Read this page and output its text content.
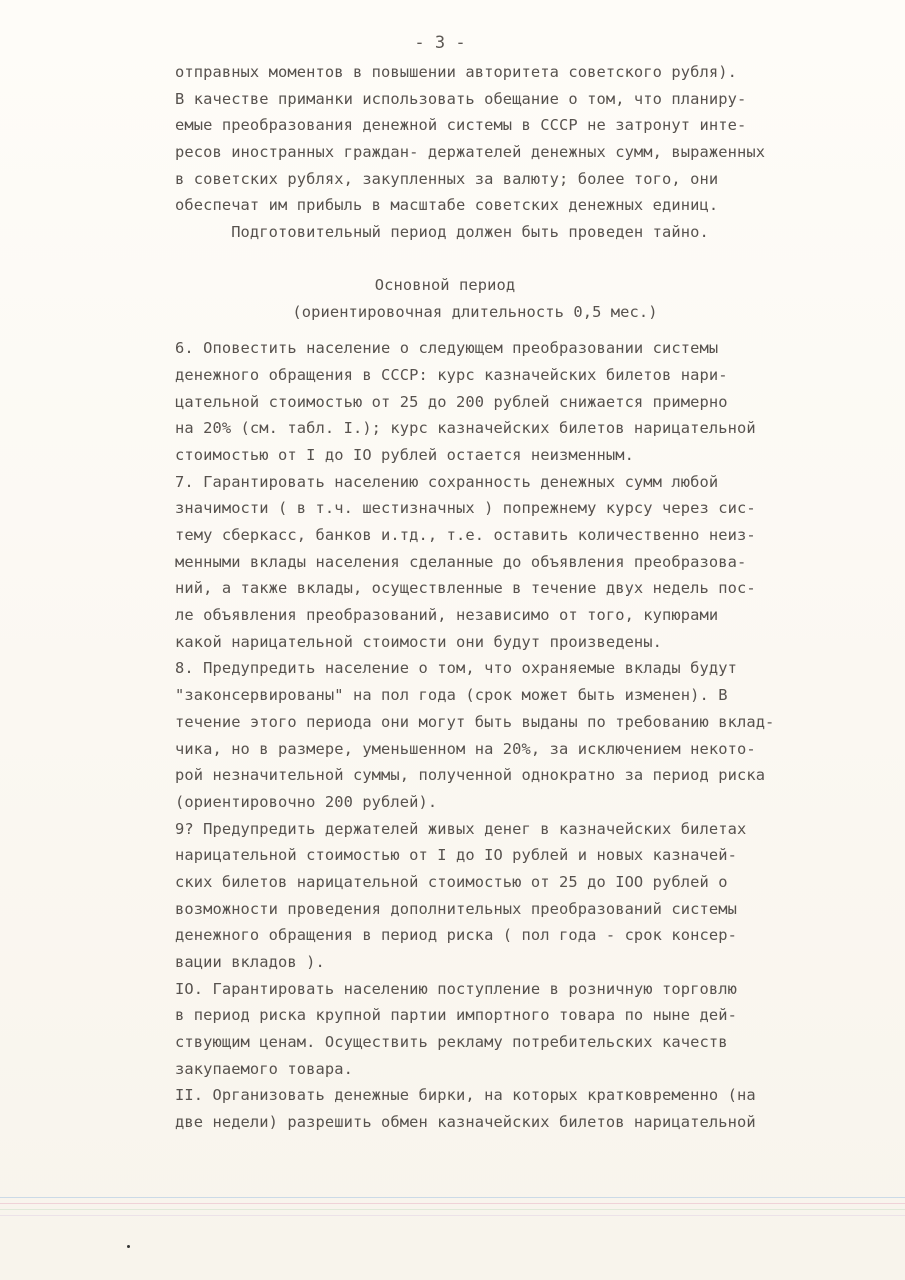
- 3 -
отправных моментов в повышении авторитета советского рубля).
В качестве приманки использовать обещание о том, что планиру-
емые преобразования денежной системы в СССР не затронут инте-
ресов иностранных граждан- держателей денежных сумм, выраженных
в советских рублях, закупленных за валюту; более того, они
обеспечат им прибыль в масштабе советских денежных единиц.
Подготовительный период должен быть проведен тайно.
Основной период
(ориентировочная длительность 0,5 мес.)
6. Оповестить население о следующем преобразовании системы
денежного обращения в СССР: курс казначейских билетов нари-
цательной стоимостью от 25 до 200 рублей снижается примерно
на 20% (см. табл. I.); курс казначейских билетов нарицательной
стоимостью от I до IO рублей остается неизменным.
7. Гарантировать населению сохранность денежных сумм любой
значимости ( в т.ч. шестизначных ) попрежнему курсу через сис-
тему сберкасс, банков и.тд., т.е. оставить количественно неиз-
менными вклады населения сделанные до объявления преобразова-
ний, а также вклады, осуществленные в течение двух недель пос-
ле объявления преобразований, независимо от того, купюрами
какой нарицательной стоимости они будут произведены.
8. Предупредить население о том, что охраняемые вклады будут
"законсервированы" на пол года (срок может быть изменен). В
течение этого периода они могут быть выданы по требованию вклад-
чика, но в размере, уменьшенном на 20%, за исключением некото-
рой незначительной суммы, полученной однократно за период риска
(ориентировочно 200 рублей).
9? Предупредить держателей живых денег в казначейских билетах
нарицательной стоимостью от I до IO рублей и новых казначей-
ских билетов нарицательной стоимостью от 25 до IOO рублей о
возможности проведения дополнительных преобразований системы
денежного обращения в период риска ( пол года - срок консер-
вации вкладов ).
IO. Гарантировать населению поступление в розничную торговлю
в период риска крупной партии импортного товара по ныне дей-
ствующим ценам. Осуществить рекламу потребительских качеств
закупаемого товара.
II. Организовать денежные бирки, на которых кратковременно (на
две недели) разрешить обмен казначейских билетов нарицательной
